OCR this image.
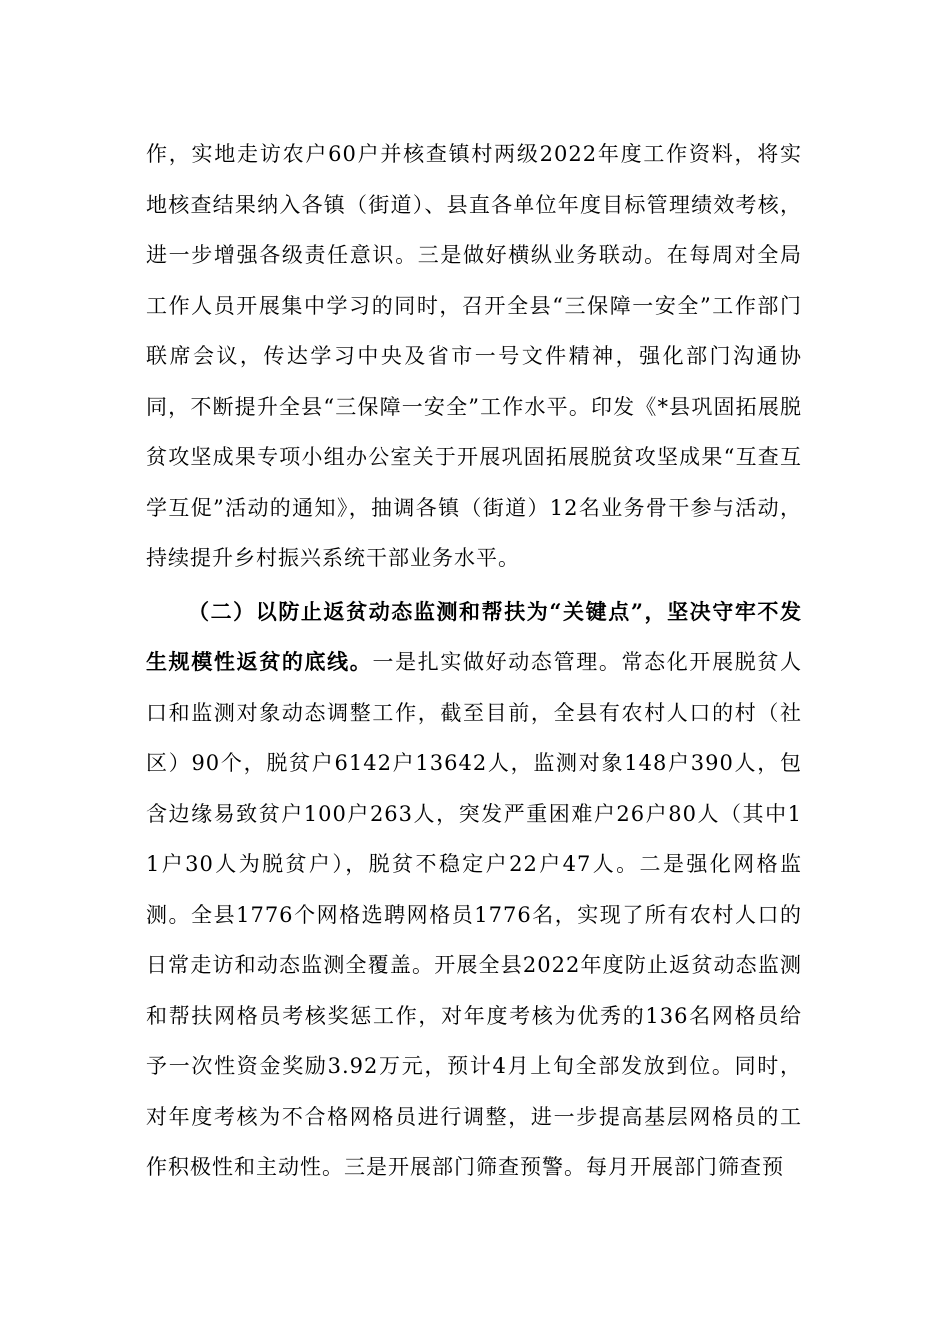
作，实地走访农户60户并核查镇村两级2022年度工作资料，将实地核查结果纳入各镇（街道）、县直各单位年度目标管理绩效考核，进一步增强各级责任意识。三是做好横纵业务联动。在每周对全局工作人员开展集中学习的同时，召开全县“三保障一安全”工作部门联席会议，传达学习中央及省市一号文件精神，强化部门沟通协同，不断提升全县“三保障一安全”工作水平。印发《*县巩固拓展脱贫攻坚成果专项小组办公室关于开展巩固拓展脱贫攻坚成果“互查互学互促”活动的通知》，抽调各镇（街道）12名业务骨干参与活动，持续提升乡村振兴系统干部业务水平。

（二）以防止返贫动态监测和帮扶为“关键点”，坚决守牢不发生规模性返贫的底线。一是扎实做好动态管理。常态化开展脱贫人口和监测对象动态调整工作，截至目前，全县有农村人口的村（社区）90个，脱贫户6142户13642人，监测对象148户390人，包含边缘易致贫户100户263人，突发严重困难户26户80人（其中11户30人为脱贫户），脱贫不稳定户22户47人。二是强化网格监测。全县1776个网格选聘网格员1776名，实现了所有农村人口的日常走访和动态监测全覆盖。开展全县2022年度防止返贫动态监测和帮扶网格员考核奖惩工作，对年度考核为优秀的136名网格员给予一次性资金奖励3.92万元，预计4月上旬全部发放到位。同时，对年度考核为不合格网格员进行调整，进一步提高基层网格员的工作积极性和主动性。三是开展部门筛查预警。每月开展部门筛查预
